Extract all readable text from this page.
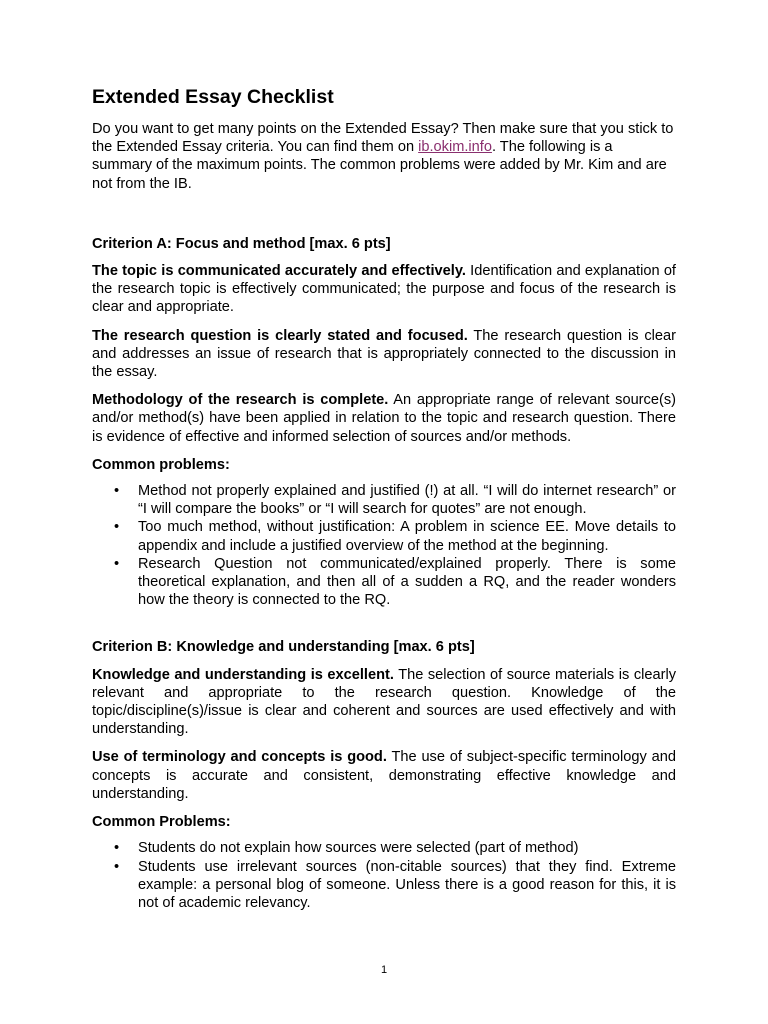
Extended Essay Checklist

Do you want to get many points on the Extended Essay? Then make sure that you stick to the Extended Essay criteria. You can find them on ib.okim.info. The following is a summary of the maximum points. The common problems were added by Mr. Kim and are not from the IB.

Criterion A: Focus and method [max. 6 pts]

The topic is communicated accurately and effectively. Identification and explanation of the research topic is effectively communicated; the purpose and focus of the research is clear and appropriate.

The research question is clearly stated and focused. The research question is clear and addresses an issue of research that is appropriately connected to the discussion in the essay.

Methodology of the research is complete. An appropriate range of relevant source(s) and/or method(s) have been applied in relation to the topic and research question. There is evidence of effective and informed selection of sources and/or methods.

Common problems:
• Method not properly explained and justified (!) at all. “I will do internet research” or “I will compare the books” or “I will search for quotes” are not enough.
• Too much method, without justification: A problem in science EE. Move details to appendix and include a justified overview of the method at the beginning.
• Research Question not communicated/explained properly. There is some theoretical explanation, and then all of a sudden a RQ, and the reader wonders how the theory is connected to the RQ.
Criterion B: Knowledge and understanding [max. 6 pts]

Knowledge and understanding is excellent. The selection of source materials is clearly relevant and appropriate to the research question. Knowledge of the topic/discipline(s)/issue is clear and coherent and sources are used effectively and with understanding.

Use of terminology and concepts is good. The use of subject-specific terminology and concepts is accurate and consistent, demonstrating effective knowledge and understanding.

Common Problems:
• Students do not explain how sources were selected (part of method)
• Students use irrelevant sources (non-citable sources) that they find. Extreme example: a personal blog of someone. Unless there is a good reason for this, it is not of academic relevancy.
1
